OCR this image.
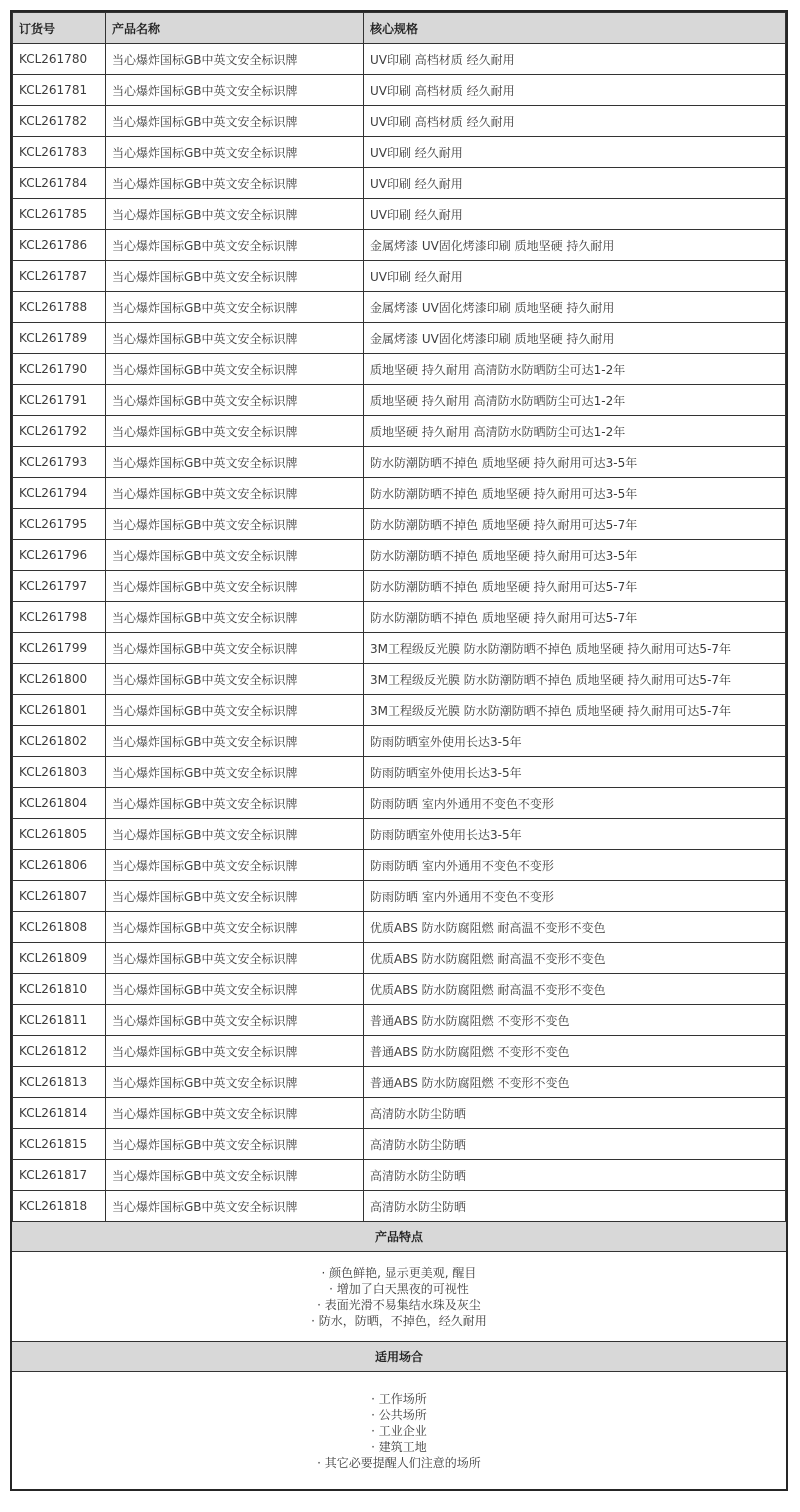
订货号	产品名称	核心规格
KCL261780	当心爆炸国标GB中英文安全标识牌	UV印刷 高档材质 经久耐用
KCL261781	当心爆炸国标GB中英文安全标识牌	UV印刷 高档材质 经久耐用
KCL261782	当心爆炸国标GB中英文安全标识牌	UV印刷 高档材质 经久耐用
KCL261783	当心爆炸国标GB中英文安全标识牌	UV印刷 经久耐用
KCL261784	当心爆炸国标GB中英文安全标识牌	UV印刷 经久耐用
KCL261785	当心爆炸国标GB中英文安全标识牌	UV印刷 经久耐用
KCL261786	当心爆炸国标GB中英文安全标识牌	金属烤漆 UV固化烤漆印刷 质地坚硬 持久耐用
KCL261787	当心爆炸国标GB中英文安全标识牌	UV印刷 经久耐用
KCL261788	当心爆炸国标GB中英文安全标识牌	金属烤漆 UV固化烤漆印刷 质地坚硬 持久耐用
KCL261789	当心爆炸国标GB中英文安全标识牌	金属烤漆 UV固化烤漆印刷 质地坚硬 持久耐用
KCL261790	当心爆炸国标GB中英文安全标识牌	质地坚硬 持久耐用 高清防水防晒防尘可达1-2年
KCL261791	当心爆炸国标GB中英文安全标识牌	质地坚硬 持久耐用 高清防水防晒防尘可达1-2年
KCL261792	当心爆炸国标GB中英文安全标识牌	质地坚硬 持久耐用 高清防水防晒防尘可达1-2年
KCL261793	当心爆炸国标GB中英文安全标识牌	防水防潮防晒不掉色 质地坚硬 持久耐用可达3-5年
KCL261794	当心爆炸国标GB中英文安全标识牌	防水防潮防晒不掉色 质地坚硬 持久耐用可达3-5年
KCL261795	当心爆炸国标GB中英文安全标识牌	防水防潮防晒不掉色 质地坚硬 持久耐用可达5-7年
KCL261796	当心爆炸国标GB中英文安全标识牌	防水防潮防晒不掉色 质地坚硬 持久耐用可达3-5年
KCL261797	当心爆炸国标GB中英文安全标识牌	防水防潮防晒不掉色 质地坚硬 持久耐用可达5-7年
KCL261798	当心爆炸国标GB中英文安全标识牌	防水防潮防晒不掉色 质地坚硬 持久耐用可达5-7年
KCL261799	当心爆炸国标GB中英文安全标识牌	3M工程级反光膜 防水防潮防晒不掉色 质地坚硬 持久耐用可达5-7年
KCL261800	当心爆炸国标GB中英文安全标识牌	3M工程级反光膜 防水防潮防晒不掉色 质地坚硬 持久耐用可达5-7年
KCL261801	当心爆炸国标GB中英文安全标识牌	3M工程级反光膜 防水防潮防晒不掉色 质地坚硬 持久耐用可达5-7年
KCL261802	当心爆炸国标GB中英文安全标识牌	防雨防晒室外使用长达3-5年
KCL261803	当心爆炸国标GB中英文安全标识牌	防雨防晒室外使用长达3-5年
KCL261804	当心爆炸国标GB中英文安全标识牌	防雨防晒 室内外通用不变色不变形
KCL261805	当心爆炸国标GB中英文安全标识牌	防雨防晒室外使用长达3-5年
KCL261806	当心爆炸国标GB中英文安全标识牌	防雨防晒 室内外通用不变色不变形
KCL261807	当心爆炸国标GB中英文安全标识牌	防雨防晒 室内外通用不变色不变形
KCL261808	当心爆炸国标GB中英文安全标识牌	优质ABS 防水防腐阻燃 耐高温不变形不变色
KCL261809	当心爆炸国标GB中英文安全标识牌	优质ABS 防水防腐阻燃 耐高温不变形不变色
KCL261810	当心爆炸国标GB中英文安全标识牌	优质ABS 防水防腐阻燃 耐高温不变形不变色
KCL261811	当心爆炸国标GB中英文安全标识牌	普通ABS 防水防腐阻燃 不变形不变色
KCL261812	当心爆炸国标GB中英文安全标识牌	普通ABS 防水防腐阻燃 不变形不变色
KCL261813	当心爆炸国标GB中英文安全标识牌	普通ABS 防水防腐阻燃 不变形不变色
KCL261814	当心爆炸国标GB中英文安全标识牌	高清防水防尘防晒
KCL261815	当心爆炸国标GB中英文安全标识牌	高清防水防尘防晒
KCL261817	当心爆炸国标GB中英文安全标识牌	高清防水防尘防晒
KCL261818	当心爆炸国标GB中英文安全标识牌	高清防水防尘防晒
产品特点
· 颜色鲜艳, 显示更美观, 醒目
· 增加了白天黑夜的可视性
· 表面光滑不易集结水珠及灰尘
· 防水，防晒，不掉色，经久耐用
适用场合
· 工作场所
· 公共场所
· 工业企业
· 建筑工地
· 其它必要提醒人们注意的场所
